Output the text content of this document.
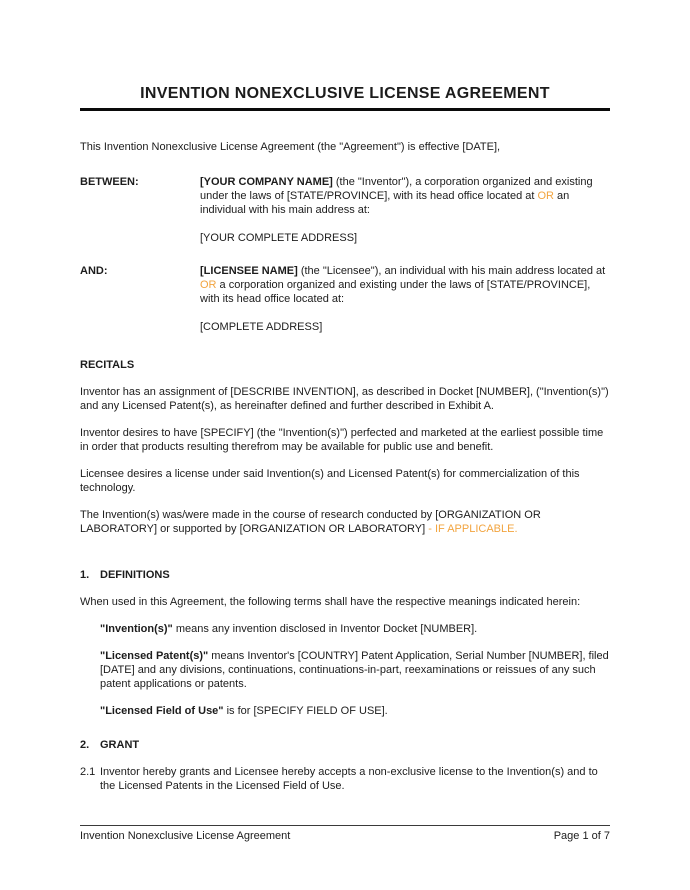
INVENTION NONEXCLUSIVE LICENSE AGREEMENT

This Invention Nonexclusive License Agreement (the "Agreement") is effective [DATE],

BETWEEN:	[YOUR COMPANY NAME] (the "Inventor"), a corporation organized and existing under the laws of [STATE/PROVINCE], with its head office located at OR an individual with his main address at:

[YOUR COMPLETE ADDRESS]

AND:	[LICENSEE NAME] (the "Licensee"), an individual with his main address located at OR a corporation organized and existing under the laws of [STATE/PROVINCE], with its head office located at:

[COMPLETE ADDRESS]

RECITALS

Inventor has an assignment of [DESCRIBE INVENTION], as described in Docket [NUMBER], ("Invention(s)") and any Licensed Patent(s), as hereinafter defined and further described in Exhibit A.

Inventor desires to have [SPECIFY] (the "Invention(s)") perfected and marketed at the earliest possible time in order that products resulting therefrom may be available for public use and benefit.

Licensee desires a license under said Invention(s) and Licensed Patent(s) for commercialization of this technology.

The Invention(s) was/were made in the course of research conducted by [ORGANIZATION OR LABORATORY] or supported by [ORGANIZATION OR LABORATORY] - IF APPLICABLE.

1. DEFINITIONS

When used in this Agreement, the following terms shall have the respective meanings indicated herein:

"Invention(s)" means any invention disclosed in Inventor Docket [NUMBER].

"Licensed Patent(s)" means Inventor's [COUNTRY] Patent Application, Serial Number [NUMBER], filed [DATE] and any divisions, continuations, continuations-in-part, reexaminations or reissues of any such patent applications or patents.

"Licensed Field of Use" is for [SPECIFY FIELD OF USE].

2. GRANT
2.1 Inventor hereby grants and Licensee hereby accepts a non-exclusive license to the Invention(s) and to the Licensed Patents in the Licensed Field of Use.

Invention Nonexclusive License Agreement	Page 1 of 7
